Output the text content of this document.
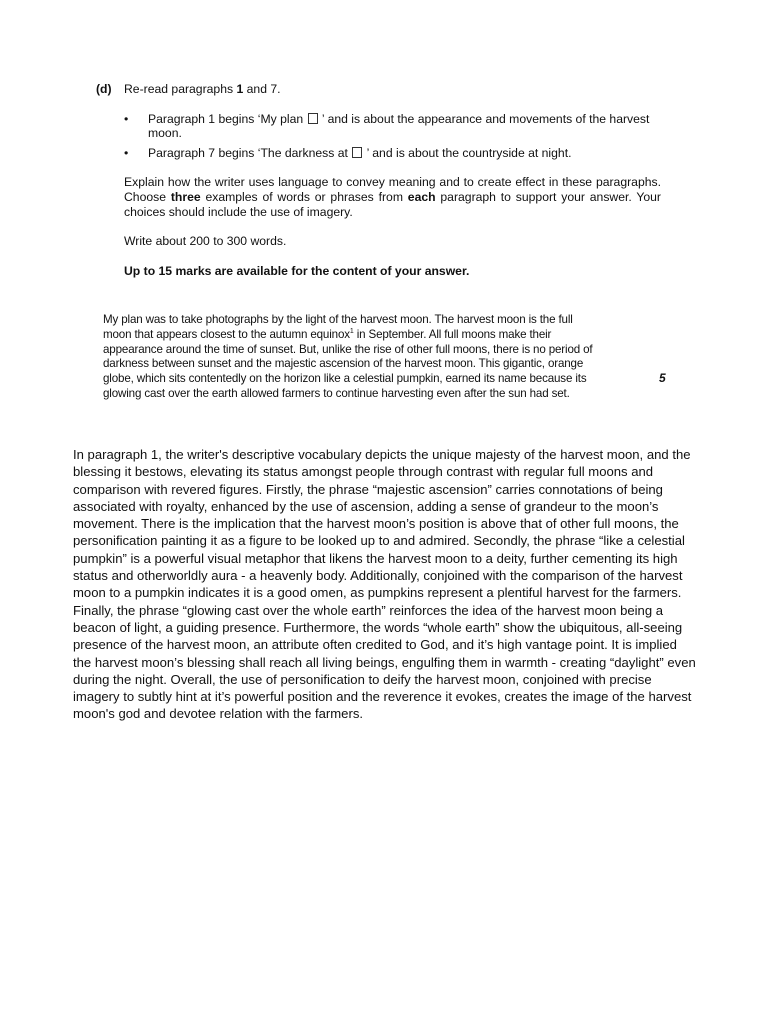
(d)	Re-read paragraphs 1 and 7.
• Paragraph 1 begins ‘My plan  ’ and is about the appearance and movements of the harvest moon.
• Paragraph 7 begins ‘The darkness at  ’ and is about the countryside at night.
Explain how the writer uses language to convey meaning and to create effect in these paragraphs. Choose three examples of words or phrases from each paragraph to support your answer. Your choices should include the use of imagery.
Write about 200 to 300 words.
Up to 15 marks are available for the content of your answer.
My plan was to take photographs by the light of the harvest moon. The harvest moon is the full moon that appears closest to the autumn equinox$^1$ in September. All full moons make their appearance around the time of sunset. But, unlike the rise of other full moons, there is no period of darkness between sunset and the majestic ascension of the harvest moon. This gigantic, orange globe, which sits contentedly on the horizon like a celestial pumpkin, earned its name because its glowing cast over the earth allowed farmers to continue harvesting even after the sun had set.
5
In paragraph 1, the writer's descriptive vocabulary depicts the unique majesty of the harvest moon, and the blessing it bestows, elevating its status amongst people through contrast with regular full moons and comparison with revered figures. Firstly, the phrase “majestic ascension” carries connotations of being associated with royalty, enhanced by the use of ascension, adding a sense of grandeur to the moon’s movement. There is the implication that the harvest moon’s position is above that of other full moons, the personification painting it as a figure to be looked up to and admired. Secondly, the phrase “like a celestial pumpkin” is a powerful visual metaphor that likens the harvest moon to a deity, further cementing its high status and otherworldly aura - a heavenly body. Additionally, conjoined with the comparison of the harvest moon to a pumpkin indicates it is a good omen, as pumpkins represent a plentiful harvest for the farmers. Finally, the phrase “glowing cast over the whole earth” reinforces the idea of the harvest moon being a beacon of light, a guiding presence. Furthermore, the words “whole earth” show the ubiquitous, all-seeing presence of the harvest moon, an attribute often credited to God, and it’s high vantage point. It is implied the harvest moon’s blessing shall reach all living beings, engulfing them in warmth - creating “daylight” even during the night. Overall, the use of personification to deify the harvest moon, conjoined with precise imagery to subtly hint at it’s powerful position and the reverence it evokes, creates the image of the harvest moon's god and devotee relation with the farmers.
